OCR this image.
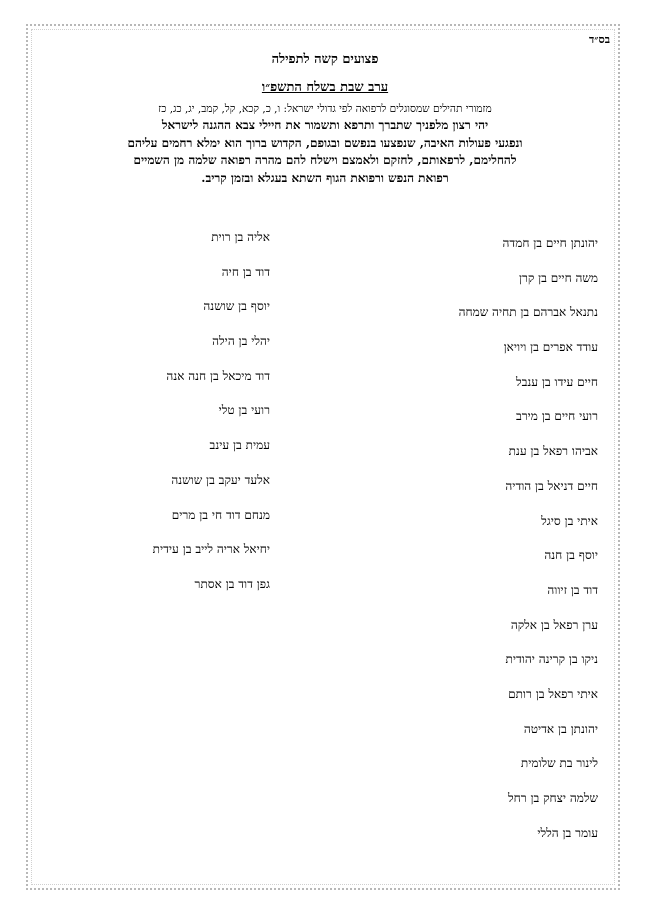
בס״ד
פצועים קשה לתפילה
ערב שבת בשלח התשפ״ו
מזמורי תהילים שמסוגלים לרפואה לפי גדולי ישראל: ו, כ, קכא, קל, קמב, יג, כג, כז
יהי רצון מלפניך שתברך ותרפא ותשמור את חיילי צבא ההגנה לישראל
ונפגעי פעולות האיבה, שנפצעו בנפשם ובגופם, הקדוש ברוך הוא ימלא רחמים עליהם
להחלימם, לרפאותם, לחזקם ולאמצם וישלח להם מהרה רפואה שלמה מן השמיים
רפואת הנפש ורפואת הגוף השתא בעגלא ובזמן קריב.
יהונתן חיים בן חמדה
משה חיים בן קרן
נתנאל אברהם בן תחיה שמחה
עודד אפרים בן ויויאן
חיים עידו בן ענבל
רועי חיים בן מירב
אביהו רפאל בן ענת
חיים דניאל בן הודיה
איתי בן סיגל
יוסף בן חנה
דוד בן זיווה
ערן רפאל בן אלקה
ניקו בן קרינה יהודית
איתי רפאל בן רותם
יהונתן בן אדיטה
לינור בת שלומית
שלמה יצחק בן רחל
עומר בן הללי
אליה בן רוית
דוד בן חיה
יוסף בן שושנה
יהלי בן הילה
דוד מיכאל בן חנה אנה
רועי בן טלי
עמית בן עינב
אלעד יעקב בן שושנה
מנחם דוד חי בן מרים
יחיאל אריה לייב בן עידית
גפן דוד בן אסתר
